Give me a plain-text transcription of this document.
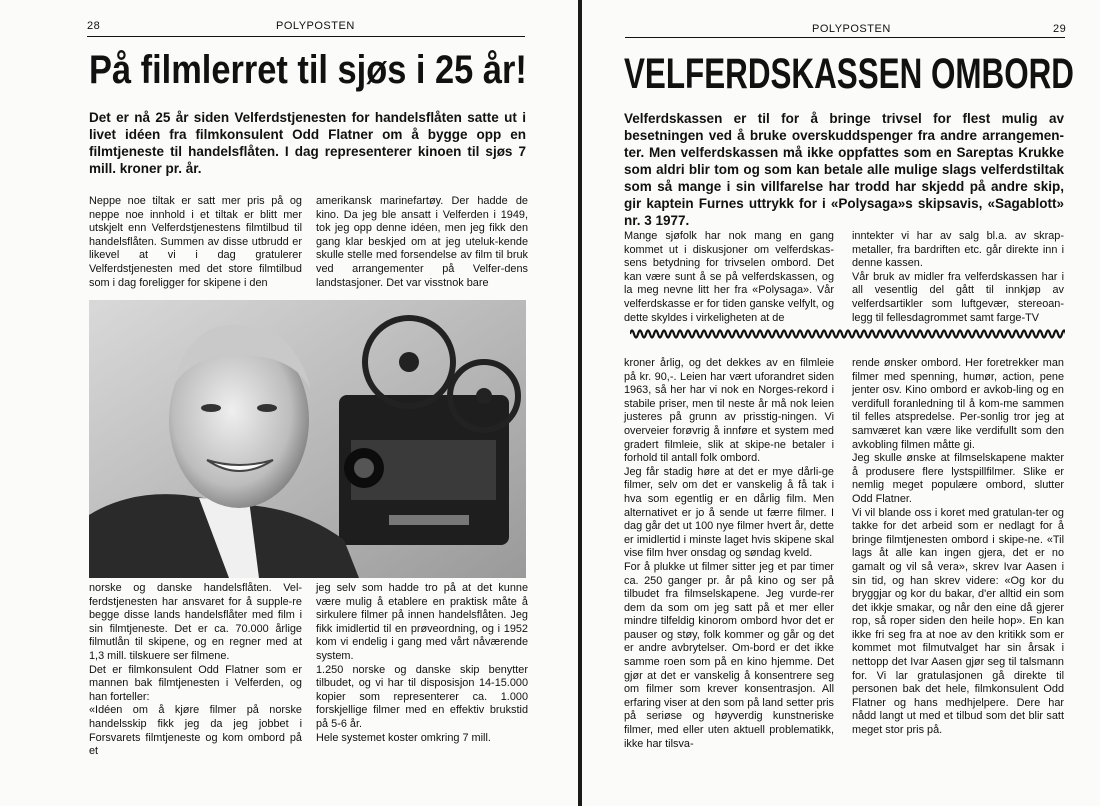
28	POLYPOSTEN
På filmlerret til sjøs i 25 år!
Det er nå 25 år siden Velferdstjenesten for handelsflåten satte ut i livet idéen fra filmkonsulent Odd Flatner om å bygge opp en filmtjeneste til handelsflåten. I dag representerer kinoen til sjøs 7 mill. kroner pr. år.
Neppe noe tiltak er satt mer pris på og neppe noe innhold i et tiltak er blitt mer utskjelt enn Velferdstjenestens filmtilbud til handelsflåten. Summen av disse utbrudd er likevel at vi i dag gratulerer Velferdstjenesten med det store filmtilbud som i dag foreligger for skipene i den
amerikansk marinefartøy. Der hadde de kino. Da jeg ble ansatt i Velferden i 1949, tok jeg opp denne idéen, men jeg fikk den gang klar beskjed om at jeg uteluk-kende skulle stelle med forsendelse av film til bruk ved arrangementer på Velfer-dens landstasjoner. Det var visstnok bare
norske og danske handelsflåten. Vel-ferdstjenesten har ansvaret for å supple-re begge disse lands handelsflåter med film i sin filmtjeneste. Det er ca. 70.000 årlige filmutlån til skipene, og en regner med at 1,3 mill. tilskuere ser filmene.
Det er filmkonsulent Odd Flatner som er mannen bak filmtjenesten i Velferden, og han forteller:
«Idéen om å kjøre filmer på norske handelsskip fikk jeg da jeg jobbet i Forsvarets filmtjeneste og kom ombord på et
jeg selv som hadde tro på at det kunne være mulig å etablere en praktisk måte å sirkulere filmer på innen handelsflåten. Jeg fikk imidlertid til en prøveordning, og i 1952 kom vi endelig i gang med vårt nåværende system.
1.250 norske og danske skip benytter tilbudet, og vi har til disposisjon 14-15.000 kopier som representerer ca. 1.000 forskjellige filmer med en effektiv brukstid på 5-6 år.
Hele systemet koster omkring 7 mill.
POLYPOSTEN	29
VELFERDSKASSEN OMBORD
Velferdskassen er til for å bringe trivsel for flest mulig av besetningen ved å bruke overskuddspenger fra andre arrangemen-ter. Men velferdskassen må ikke oppfattes som en Sareptas Krukke som aldri blir tom og som kan betale alle mulige slags velferdstiltak som så mange i sin villfarelse har trodd har skjedd på andre skip, gir kaptein Furnes uttrykk for i «Polysaga»s skipsavis, «Sagablott» nr. 3 1977.
Mange sjøfolk har nok mang en gang kommet ut i diskusjoner om velferdskas-sens betydning for trivselen ombord. Det kan være sunt å se på velferdskassen, og la meg nevne litt her fra «Polysaga». Vår velferdskasse er for tiden ganske velfylt, og dette skyldes i virkeligheten at de
inntekter vi har av salg bl.a. av skrap-metaller, fra bardriften etc. går direkte inn i denne kassen.
Vår bruk av midler fra velferdskassen har i all vesentlig del gått til innkjøp av velferdsartikler som luftgevær, stereoan-legg til fellesdagrommet samt farge-TV
kroner årlig, og det dekkes av en filmleie på kr. 90,-. Leien har vært uforandret siden 1963, så her har vi nok en Norges-rekord i stabile priser, men til neste år må nok leien justeres på grunn av prisstig-ningen. Vi overveier forøvrig å innføre et system med gradert filmleie, slik at skipe-ne betaler i forhold til antall folk ombord.
Jeg får stadig høre at det er mye dårli-ge filmer, selv om det er vanskelig å få tak i hva som egentlig er en dårlig film. Men alternativet er jo å sende ut færre filmer. I dag går det ut 100 nye filmer hvert år, dette er imidlertid i minste laget hvis skipene skal vise film hver onsdag og søndag kveld.
For å plukke ut filmer sitter jeg et par timer ca. 250 ganger pr. år på kino og ser på tilbudet fra filmselskapene. Jeg vurde-rer dem da som om jeg satt på et mer eller mindre tilfeldig kinorom ombord hvor det er pauser og støy, folk kommer og går og det er andre avbrytelser. Om-bord er det ikke samme roen som på en kino hjemme. Det gjør at det er vanskelig å konsentrere seg om filmer som krever konsentrasjon. All erfaring viser at den som på land setter pris på seriøse og høyverdig kunstneriske filmer, med eller uten aktuell problematikk, ikke har tilsva-
rende ønsker ombord. Her foretrekker man filmer med spenning, humør, action, pene jenter osv. Kino ombord er avkob-ling og en verdifull foranledning til å kom-me sammen til felles atspredelse. Per-sonlig tror jeg at samværet kan være like verdifullt som den avkobling filmen måtte gi.
Jeg skulle ønske at filmselskapene makter å produsere flere lystspillfilmer. Slike er nemlig meget populære ombord, slutter Odd Flatner.
Vi vil blande oss i koret med gratulan-ter og takke for det arbeid som er nedlagt for å bringe filmtjenesten ombord i skipe-ne. «Til lags åt alle kan ingen gjera, det er no gamalt og vil så vera», skrev Ivar Aasen i sin tid, og han skrev videre: «Og kor du bryggjar og kor du bakar, d'er alltid ein som det ikkje smakar, og når den eine då gjerer rop, så roper siden den heile hop». En kan ikke fri seg fra at noe av den kritikk som er kommet mot filmutvalget har sin årsak i nettopp det Ivar Aasen gjør seg til talsmann for. Vi lar gratulasjonen gå direkte til personen bak det hele, filmkonsulent Odd Flatner og hans medhjelpere. Dere har nådd langt ut med et tilbud som det blir satt meget stor pris på.
